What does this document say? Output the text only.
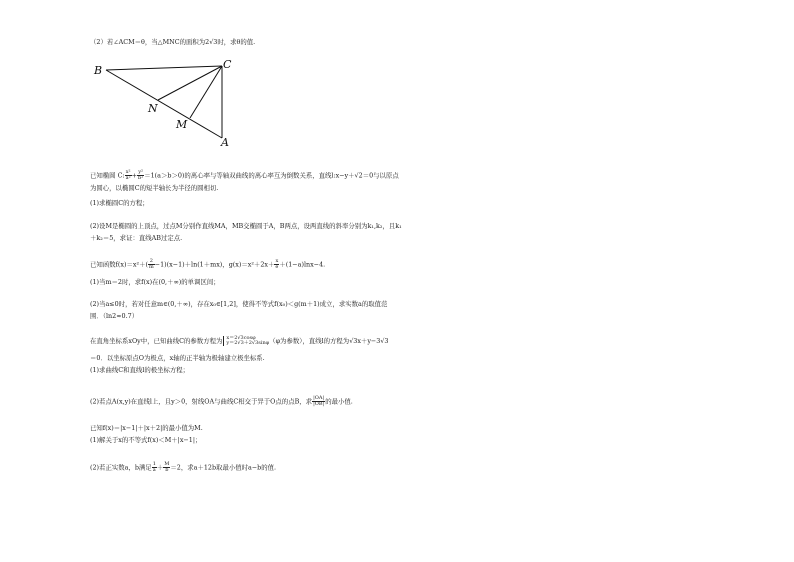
（2）若∠ACM＝θ，当△MNC的面积为2√3时，求θ的值.
B	C
N
M
A
已知椭圆 C: $\frac{\text{x²}}{\text{a²}} + \frac{\text{y²}}{\text{b²}} =1(a>b>0)$的离心率与等轴双曲线的离心率互为倒数关系，直线l:x−y＋√2＝0与以原点
为圆心，以椭圆C的短半轴长为半径的圆相切.
(1)求椭圆C的方程；
(2)设M是椭圆的上顶点，过点M分别作直线MA，MB交椭圆于A，B两点，设两直线的斜率分别为k₁,k₂，且k₁
＋k₂＝5，求证：直线AB过定点.
已知函数$f(x)=x^2+( \frac{2}{m} -1)(x-1)+\ln(1+mx)$，$g(x)=x^2+2x+ \frac{x}{e} +(1-a)\ln x-4$.
(1)当m＝2时，求f(x)在(0,＋∞)的单调区间；
(2)当a≤0时，若对任意m∈(0,＋∞)，存在x₀∈[1,2]，使得不等式f(x₀)＜g(m＋1)成立，求实数a的取值范
围．（ln2≈0.7）
在直角坐标系xOy中，已知曲线C的参数方程为 x＝2√3cosφ
y＝2√3＋2√3sinφ （φ为参数），直线l的方程为√3x＋y−3√3
＝0．以坐标原点O为极点，x轴的正半轴为极轴建立极坐标系.
(1)求曲线C和直线l的极坐标方程；
(2)若点A(x,y)在直线l上，且y＞0，射线OA与曲线C相交于异于O点的点B，求 $\frac{|OA|}{|OB|}$ 的最小值.
已知f(x)＝|x−1|＋|x＋2|的最小值为M.
(1)解关于x的不等式f(x)＜M＋|x−1|；
(2)若正实数a，b满足 $\frac{1}{a} + \frac{M}{b} =2$，求a＋12b取最小值时a−b的值.
